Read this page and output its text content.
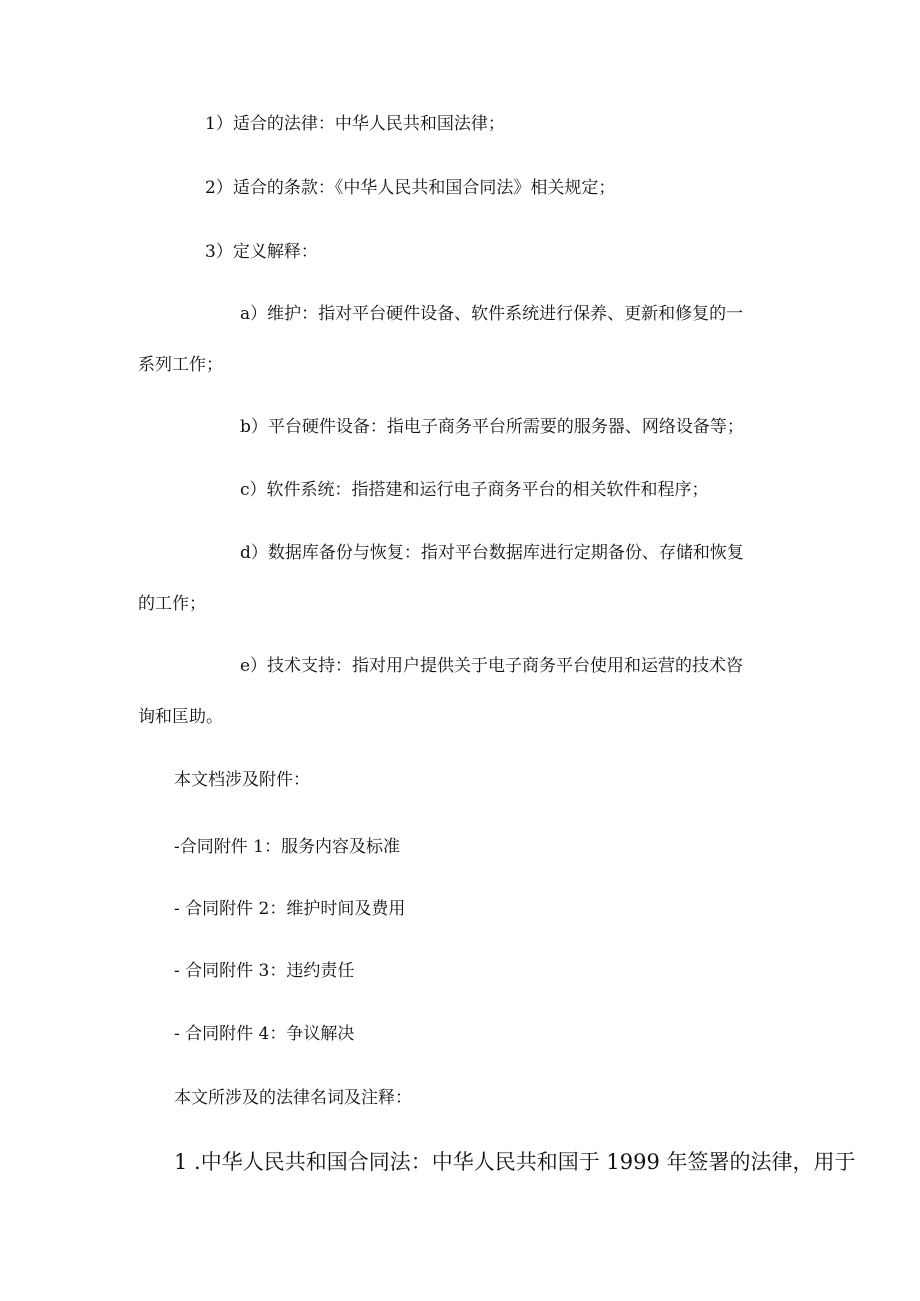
1）适合的法律：中华人民共和国法律；
2）适合的条款：《中华人民共和国合同法》相关规定；
3）定义解释：
a）维护：指对平台硬件设备、软件系统进行保养、更新和修复的一
系列工作；
b）平台硬件设备：指电子商务平台所需要的服务器、网络设备等；
c）软件系统：指搭建和运行电子商务平台的相关软件和程序；
d）数据库备份与恢复：指对平台数据库进行定期备份、存储和恢复
的工作；
e）技术支持：指对用户提供关于电子商务平台使用和运营的技术咨
询和匡助。
本文档涉及附件：
-合同附件 1：服务内容及标准
- 合同附件 2：维护时间及费用
- 合同附件 3：违约责任
- 合同附件 4：争议解决
本文所涉及的法律名词及注释：
1 .中华人民共和国合同法：中华人民共和国于 1999 年签署的法律，用于
